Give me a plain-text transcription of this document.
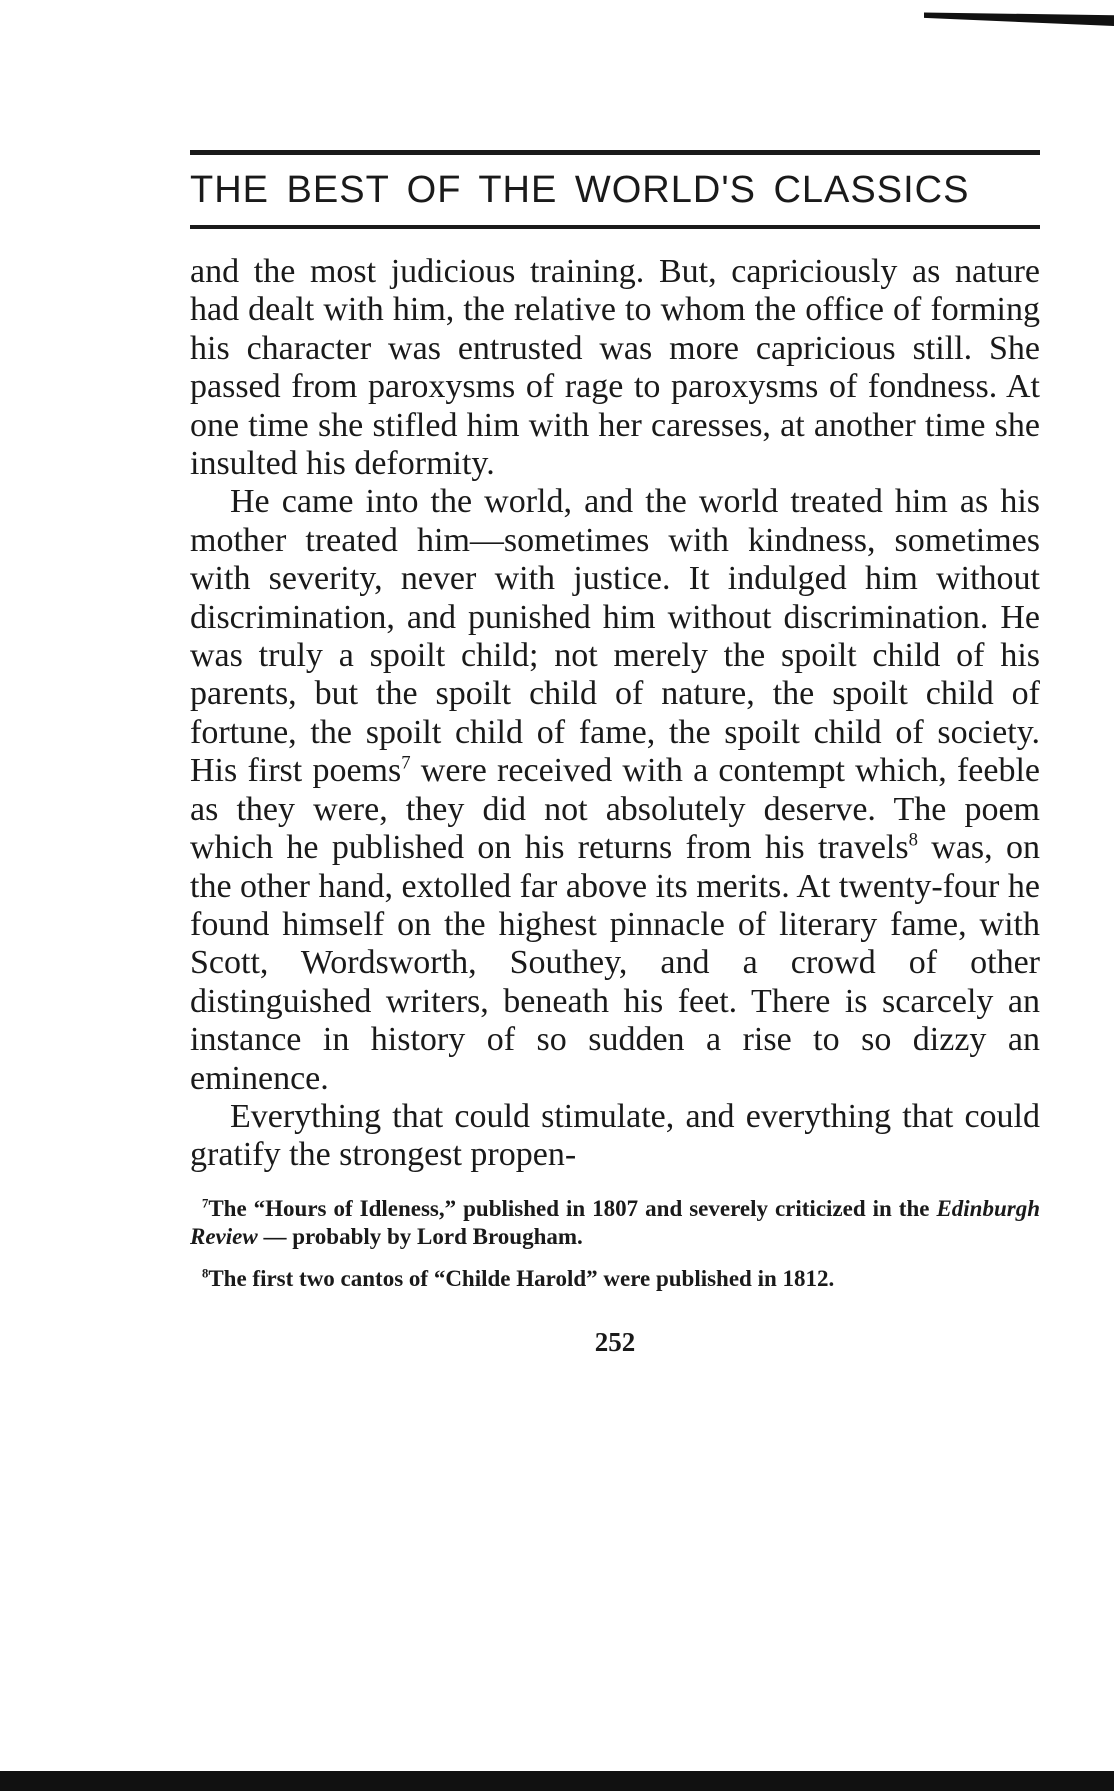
THE BEST OF THE WORLD'S CLASSICS

and the most judicious training. But, capriciously as nature had dealt with him, the relative to whom the office of forming his character was entrusted was more capricious still. She passed from paroxysms of rage to paroxysms of fondness. At one time she stifled him with her caresses, at another time she insulted his deformity.

He came into the world, and the world treated him as his mother treated him—sometimes with kindness, sometimes with severity, never with justice. It indulged him without discrimination, and punished him without discrimination. He was truly a spoilt child; not merely the spoilt child of his parents, but the spoilt child of nature, the spoilt child of fortune, the spoilt child of fame, the spoilt child of society. His first poems$^7$ were received with a contempt which, feeble as they were, they did not absolutely deserve. The poem which he published on his returns from his travels$^8$ was, on the other hand, extolled far above its merits. At twenty-four he found himself on the highest pinnacle of literary fame, with Scott, Wordsworth, Southey, and a crowd of other distinguished writers, beneath his feet. There is scarcely an instance in history of so sudden a rise to so dizzy an eminence.

Everything that could stimulate, and everything that could gratify the strongest propen-

$^7$The “Hours of Idleness,” published in 1807 and severely criticized in the Edinburgh Review — probably by Lord Brougham.

$^8$The first two cantos of “Childe Harold” were published in 1812.

252
